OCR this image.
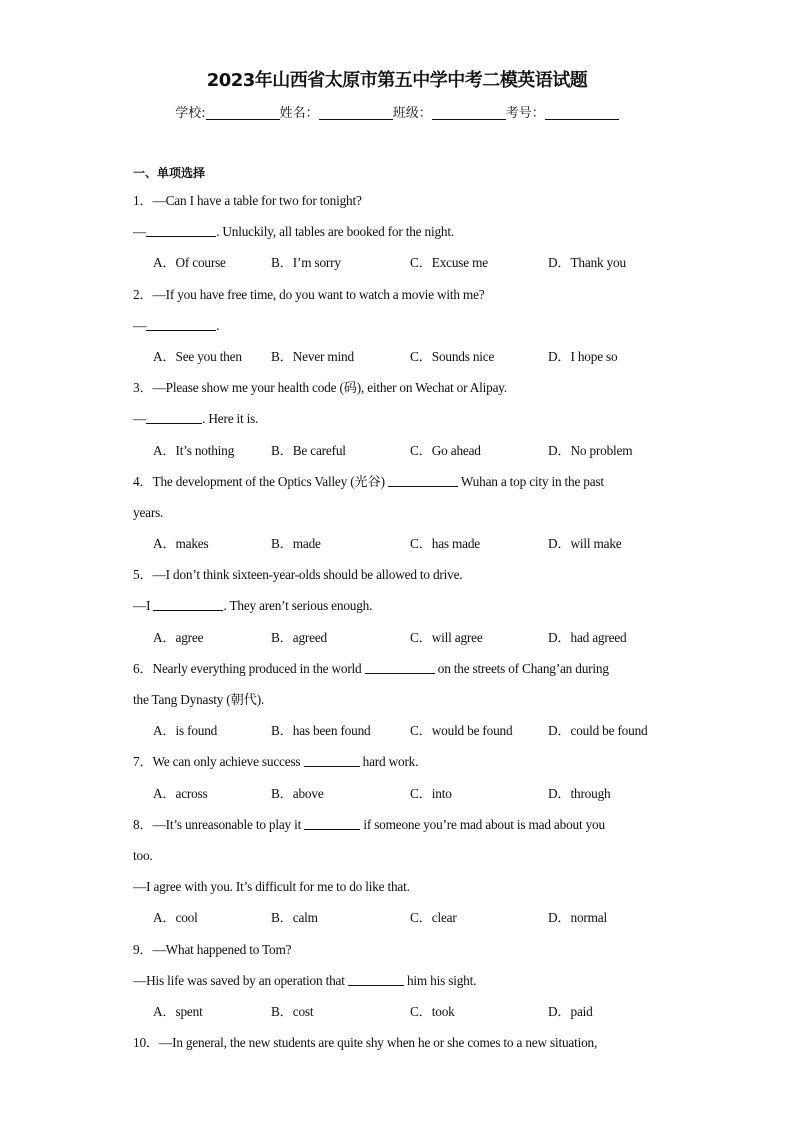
2023年山西省太原市第五中学中考二模英语试题
学校:	姓名：	班级：	考号：
一、单项选择
1．—Can I have a table for two for tonight?
—	. Unluckily, all tables are booked for the night.
A．Of course	B．I’m sorry	C．Excuse me	D．Thank you
2．—If you have free time, do you want to watch a movie with me?
—	.
A．See you then B．Never mind	C．Sounds nice	D．I hope so
3．—Please show me your health code (码), either on Wechat or Alipay.
—	. Here it is.
A．It’s nothing	B．Be careful	C．Go ahead	D．No problem
4．The development of the Optics Valley (光谷)	Wuhan a top city in the past
years.
A．makes	B．made	C．has made	D．will make
5．—I don’t think sixteen-year-olds should be allowed to drive.
—I	. They aren’t serious enough.
A．agree	B．agreed	C．will agree	D．had agreed
6．Nearly everything produced in the world	on the streets of Chang’an during
the Tang Dynasty (朝代).
A．is found	B．has been found	C．would be found	D．could be found
7．We can only achieve success	hard work.
A．across	B．above	C．into	D．through
8．—It’s unreasonable to play it	if someone you’re mad about is mad about you
too.
—I agree with you. It’s difficult for me to do like that.
A．cool	B．calm	C．clear	D．normal
9．—What happened to Tom?
—His life was saved by an operation that	him his sight.
A．spent	B．cost	C．took	D．paid
10．—In general, the new students are quite shy when he or she comes to a new situation,
